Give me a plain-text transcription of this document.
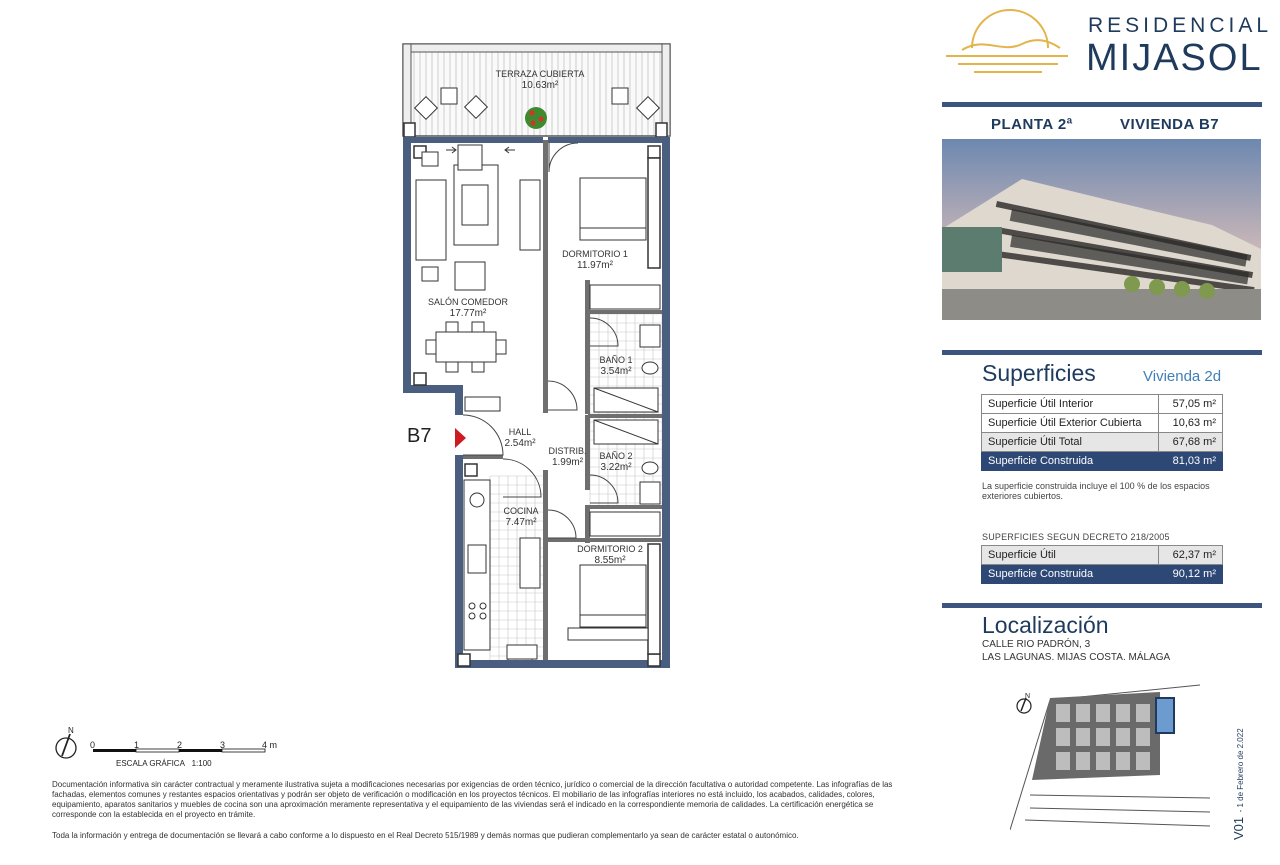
TERRAZA CUBIERTA
10.63m²
SALÓN COMEDOR
17.77m²
DORMITORIO 1
11.97m²
BAÑO 1
3.54m²
HALL
2.54m²
DISTRIB.
1.99m²
BAÑO 2
3.22m²
COCINA
7.47m²
DORMITORIO 2
8.55m²
B7
RESIDENCIAL
MIJASOL
PLANTA 2ª	VIVIENDA B7
Superficies	Vivienda 2d
Superficie Útil Interior	57,05 m²
Superficie Útil Exterior Cubierta	10,63 m²
Superficie Útil Total	67,68 m²
Superficie Construida	81,03 m²
La superficie construida incluye el 100 % de los espacios exteriores cubiertos.
SUPERFICIES SEGUN DECRETO 218/2005
Superficie Útil	62,37 m²
Superficie Construida	90,12 m²
Localización
CALLE RIO PADRÓN, 3
LAS LAGUNAS. MIJAS COSTA. MÁLAGA
N
V01 - 1 de Febrero de 2.022
N
0	1	2	3	4 m
ESCALA GRÁFICA 1:100
Documentación informativa sin carácter contractual y meramente ilustrativa sujeta a modificaciones necesarias por exigencias de orden técnico, jurídico o comercial de la dirección facultativa o autoridad competente. Las infografías de las fachadas, elementos comunes y restantes espacios orientativas y podrán ser objeto de verificación o modificación en los proyectos técnicos. El mobiliario de las infografías interiores no está incluido, los acabados, calidades, colores, equipamiento, aparatos sanitarios y muebles de cocina son una aproximación meramente representativa y el equipamiento de las viviendas será el indicado en la correspondiente memoria de calidades. La certificación energética se corresponde con la establecida en el proyecto en trámite.
Toda la información y entrega de documentación se llevará a cabo conforme a lo dispuesto en el Real Decreto 515/1989 y demás normas que pudieran complementarlo ya sean de carácter estatal o autonómico.
